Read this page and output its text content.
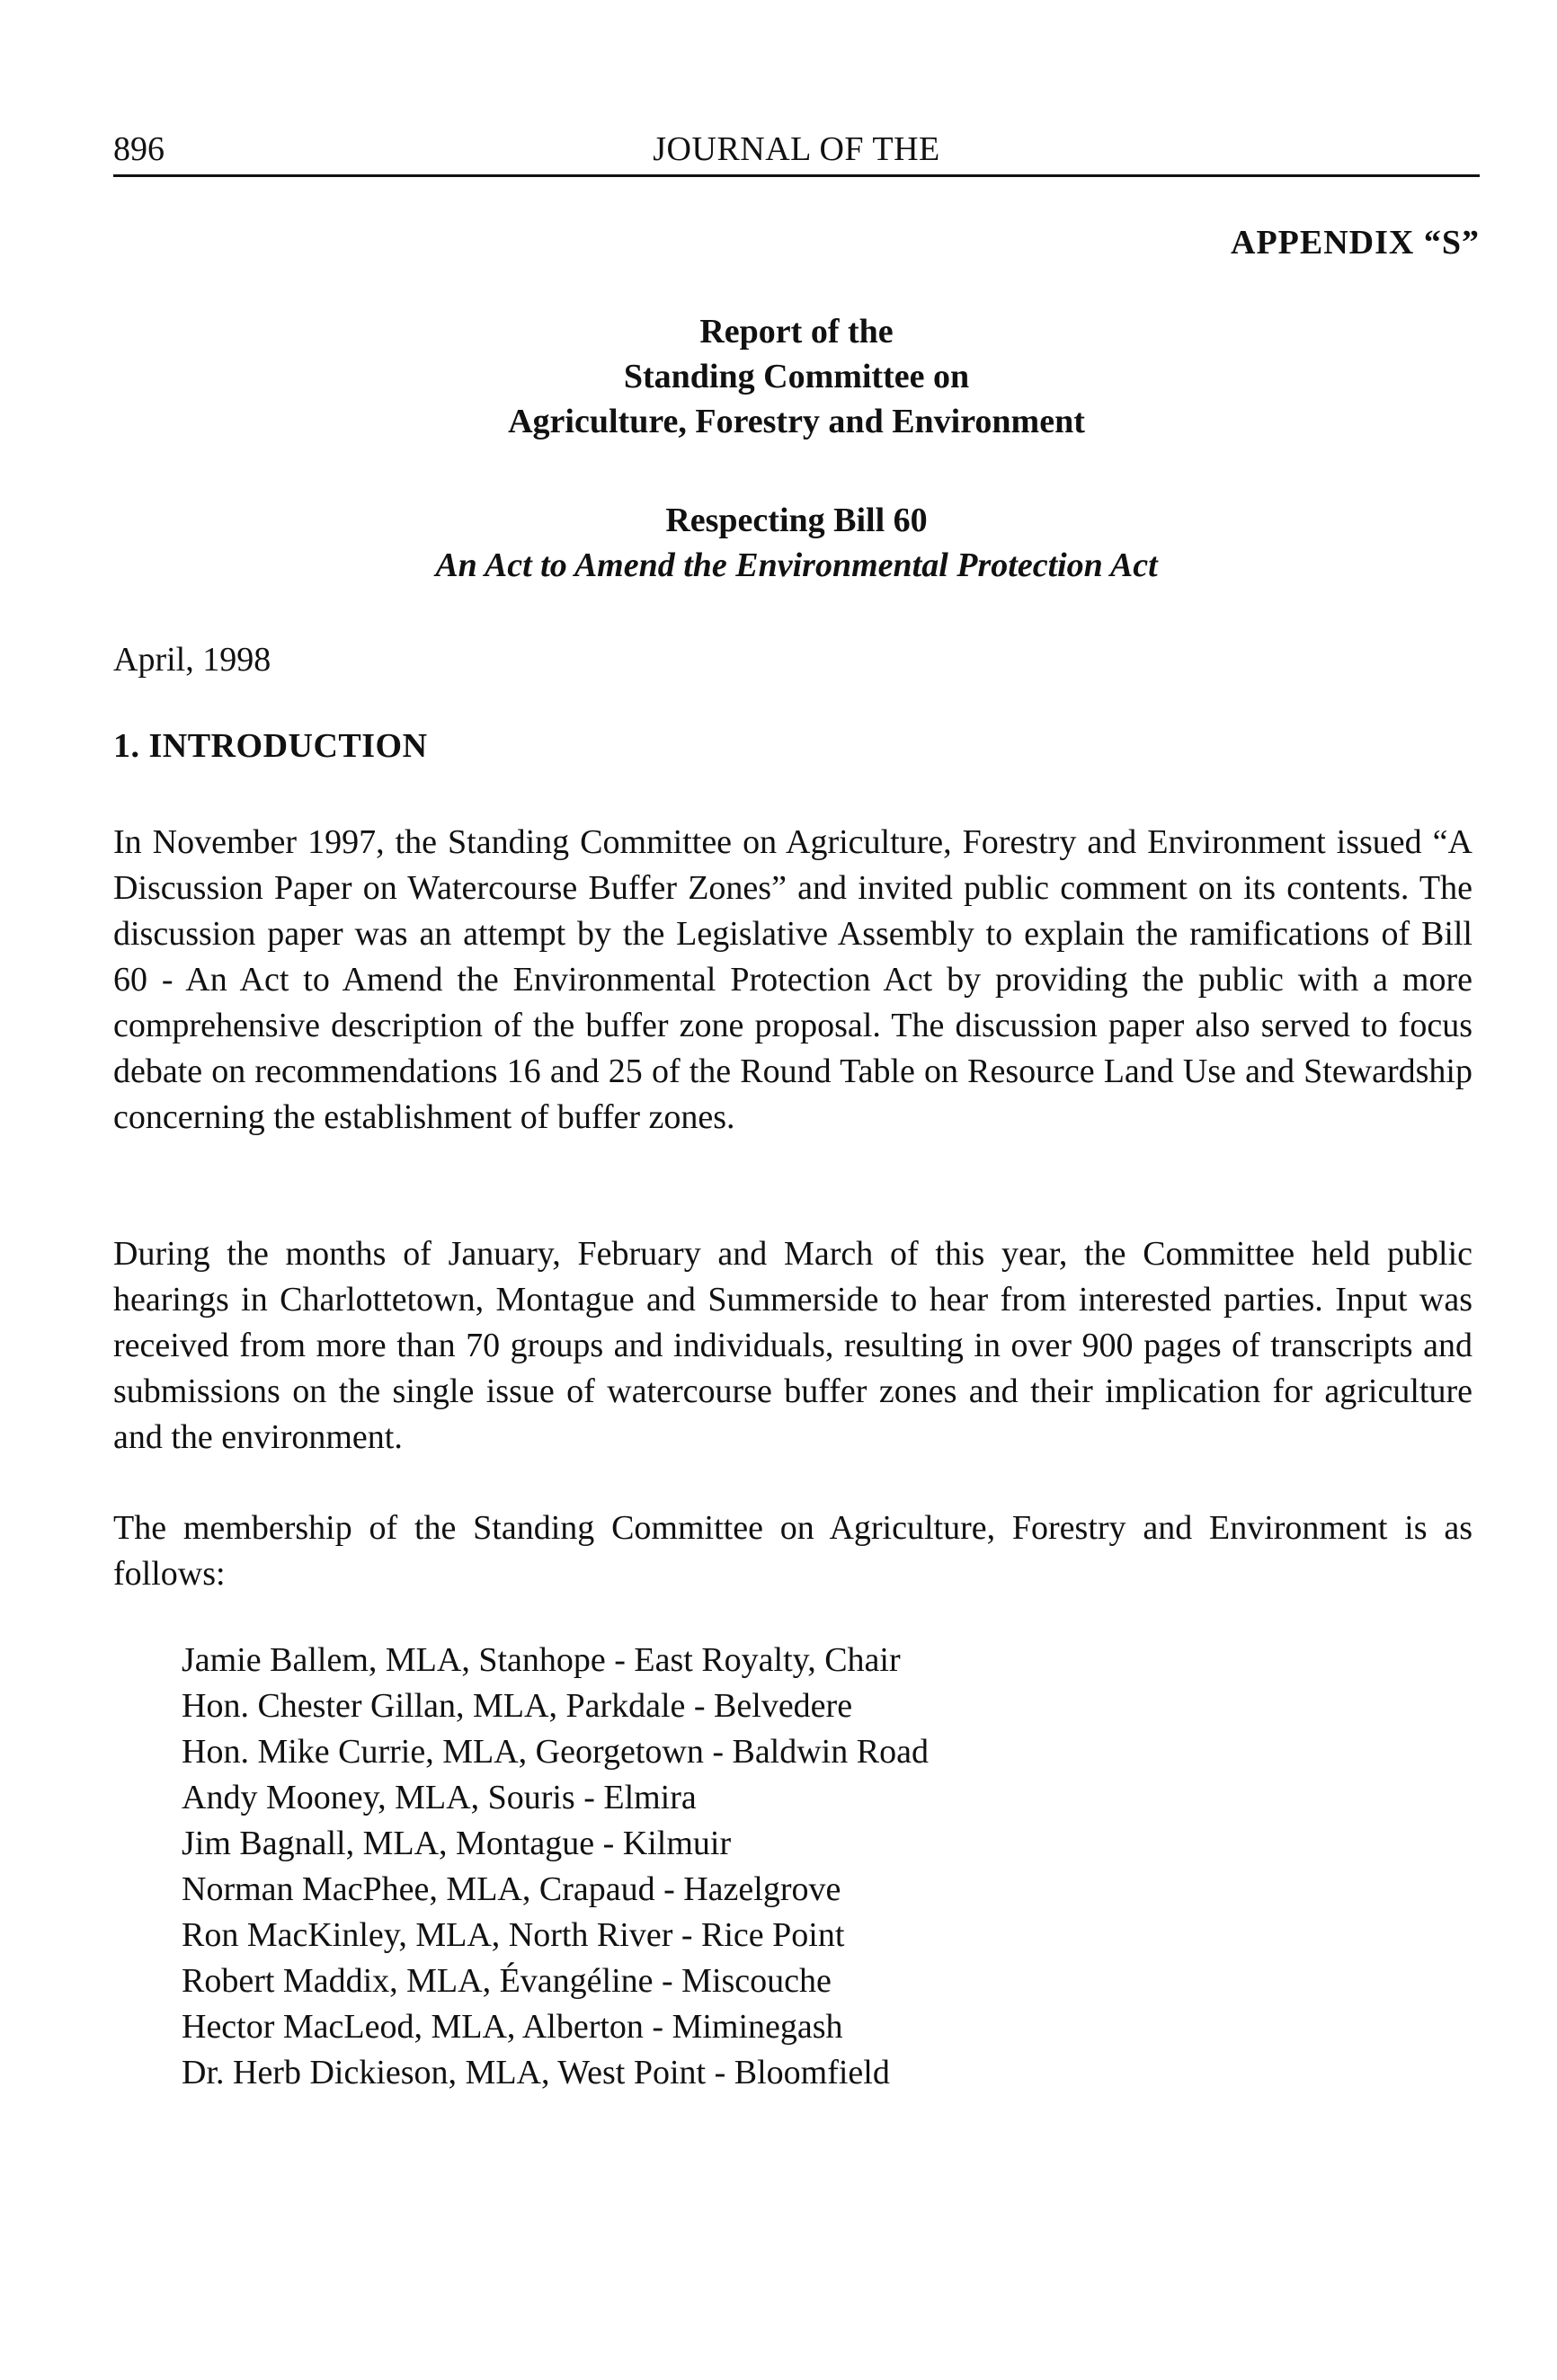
896	JOURNAL OF THE
APPENDIX “S”
Report of the
Standing Committee on
Agriculture, Forestry and Environment
Respecting Bill 60
An Act to Amend the Environmental Protection Act
April, 1998
1. INTRODUCTION

In November 1997, the Standing Committee on Agriculture, Forestry and Environment issued “A Discussion Paper on Watercourse Buffer Zones” and invited public comment on its contents. The discussion paper was an attempt by the Legislative Assembly to explain the ramifications of Bill 60 - An Act to Amend the Environmental Protection Act by providing the public with a more comprehensive description of the buffer zone proposal. The discussion paper also served to focus debate on recommendations 16 and 25 of the Round Table on Resource Land Use and Stewardship concerning the establishment of buffer zones.

During the months of January, February and March of this year, the Committee held public hearings in Charlottetown, Montague and Summerside to hear from interested parties. Input was received from more than 70 groups and individuals, resulting in over 900 pages of transcripts and submissions on the single issue of watercourse buffer zones and their implication for agriculture and the environment.

The membership of the Standing Committee on Agriculture, Forestry and Environment is as follows:

Jamie Ballem, MLA, Stanhope - East Royalty, Chair
Hon. Chester Gillan, MLA, Parkdale - Belvedere
Hon. Mike Currie, MLA, Georgetown - Baldwin Road
Andy Mooney, MLA, Souris - Elmira
Jim Bagnall, MLA, Montague - Kilmuir
Norman MacPhee, MLA, Crapaud - Hazelgrove
Ron MacKinley, MLA, North River - Rice Point
Robert Maddix, MLA, Évangéline - Miscouche
Hector MacLeod, MLA, Alberton - Miminegash
Dr. Herb Dickieson, MLA, West Point - Bloomfield
